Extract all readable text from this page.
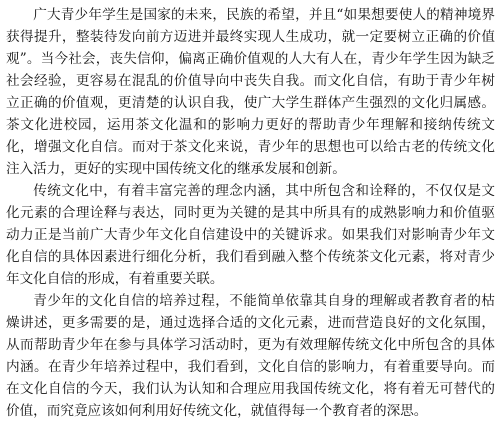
广大青少年学生是国家的未来，民族的希望，并且“如果想要使人的精神境界获得提升，整装待发向前方迈进并最终实现人生成功，就一定要树立正确的价值观”。当今社会，丧失信仰，偏离正确价值观的人大有人在，青少年学生因为缺乏社会经验，更容易在混乱的价值导向中丧失自我。而文化自信，有助于青少年树立正确的价值观，更清楚的认识自我，使广大学生群体产生强烈的文化归属感。茶文化进校园，运用茶文化温和的影响力更好的帮助青少年理解和接纳传统文化，增强文化自信。而对于茶文化来说，青少年的思想也可以给古老的传统文化注入活力，更好的实现中国传统文化的继承发展和创新。

传统文化中，有着丰富完善的理念内涵，其中所包含和诠释的，不仅仅是文化元素的合理诠释与表达，同时更为关键的是其中所具有的成熟影响力和价值驱动力正是当前广大青少年文化自信建设中的关键诉求。如果我们对影响青少年文化自信的具体因素进行细化分析，我们看到融入整个传统茶文化元素，将对青少年文化自信的形成，有着重要关联。

青少年的文化自信的培养过程，不能简单依靠其自身的理解或者教育者的枯燥讲述，更多需要的是，通过选择合适的文化元素，进而营造良好的文化氛围，从而帮助青少年在参与具体学习活动时，更为有效理解传统文化中所包含的具体内涵。在青少年培养过程中，我们看到，文化自信的影响力，有着重要导向。而在文化自信的今天，我们认为认知和合理应用我国传统文化，将有着无可替代的价值，而究竟应该如何利用好传统文化，就值得每一个教育者的深思。
